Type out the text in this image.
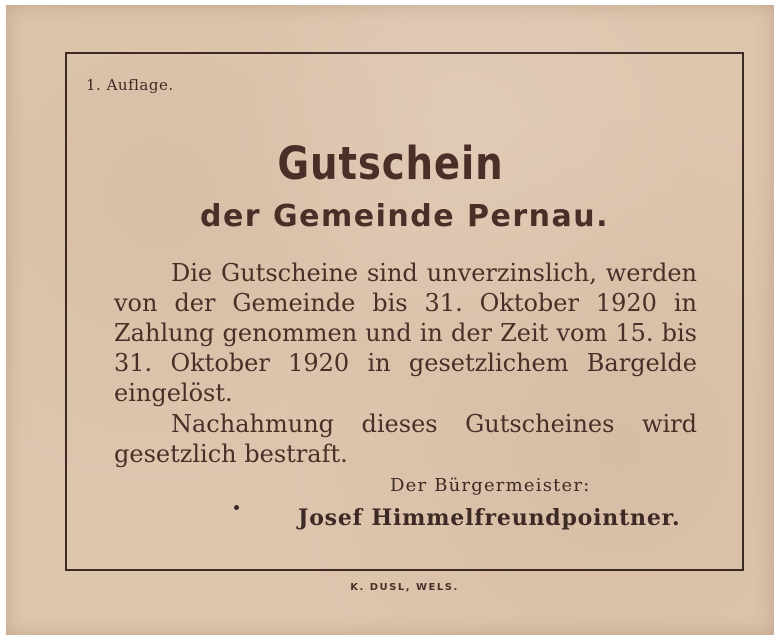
1. Auflage.
Gutschein
der Gemeinde Pernau.
Die Gutscheine sind unverzinslich, werden von der Gemeinde bis 31. Oktober 1920 in Zahlung genommen und in der Zeit vom 15. bis 31. Oktober 1920 in gesetzlichem Bargelde eingelöst.
Nachahmung dieses Gutscheines wird gesetzlich bestraft.
Der Bürgermeister:
Josef Himmelfreundpointner.
K. DUSL, WELS.
